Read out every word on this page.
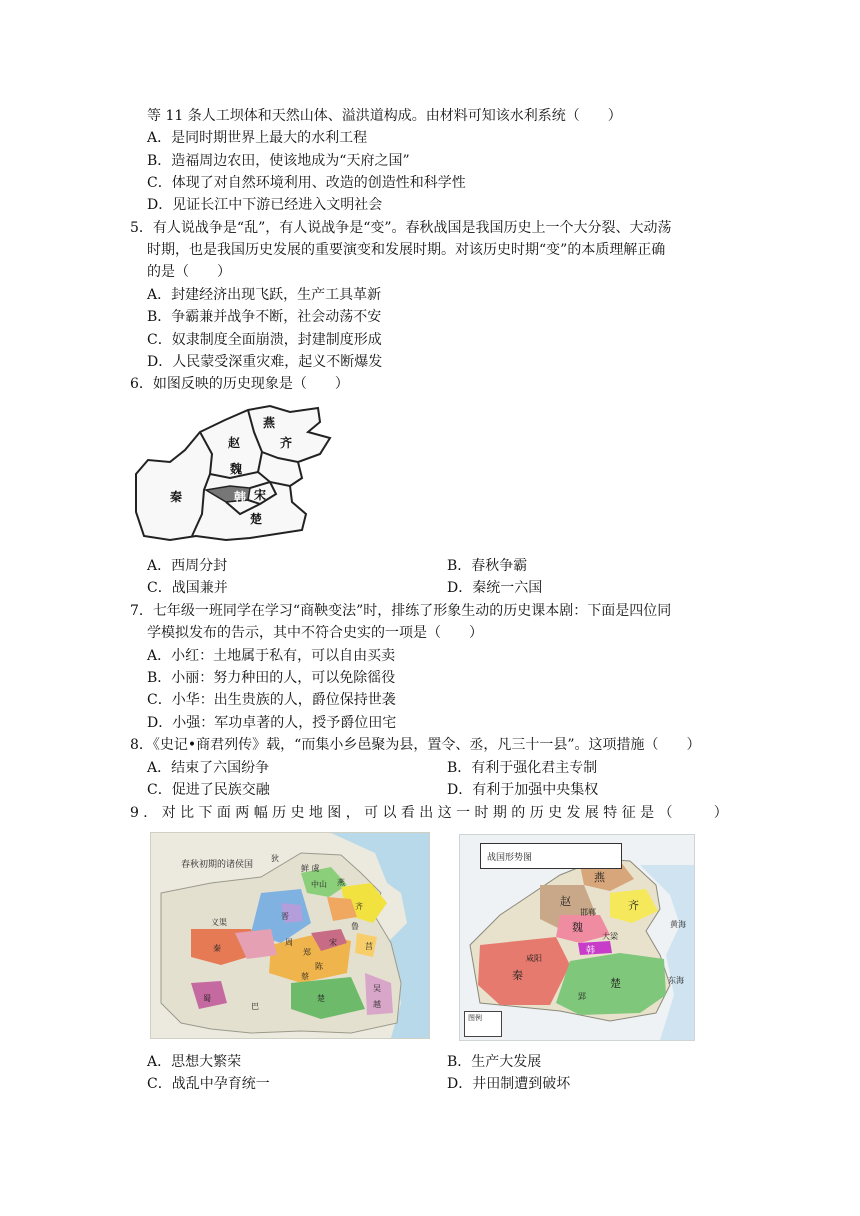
等 11 条人工坝体和天然山体、溢洪道构成。由材料可知该水利系统（　　）
A．是同时期世界上最大的水利工程
B．造福周边农田，使该地成为“天府之国”
C．体现了对自然环境利用、改造的创造性和科学性
D．见证长江中下游已经进入文明社会
5．有人说战争是“乱”，有人说战争是“变”。春秋战国是我国历史上一个大分裂、大动荡
时期，也是我国历史发展的重要演变和发展时期。对该历史时期“变”的本质理解正确
的是（　　）
A．封建经济出现飞跃，生产工具革新
B．争霸兼并战争不断，社会动荡不安
C．奴隶制度全面崩溃，封建制度形成
D．人民蒙受深重灾难，起义不断爆发
6．如图反映的历史现象是（　　）
燕
赵	齐
魏
秦	韩 宋
楚
A．西周分封	B．春秋争霸
C．战国兼并	D．秦统一六国
7．七年级一班同学在学习“商鞅变法”时，排练了形象生动的历史课本剧：下面是四位同
学模拟发布的告示，其中不符合史实的一项是（　　）
A．小红：土地属于私有，可以自由买卖
B．小丽：努力种田的人，可以免除徭役
C．小华：出生贵族的人，爵位保持世袭
D．小强：军功卓著的人，授予爵位田宅
8．《史记•商君列传》载，“而集小乡邑聚为县，置令、丞，凡三十一县”。这项措施（　　）
A．结束了六国纷争	B．有利于强化君主专制
C．促进了民族交融	D．有利于加强中央集权
9．对比下面两幅历史地图，可以看出这一时期的历史发展特征是（　　）
春秋初期的诸侯国	鲜 虞
中山 燕
晋
齐
鲁
秦
周
郑
宋
陈
蔡
楚
吴
越
巴
蜀
义渠
狄
莒
战国形势图
燕
赵	齐
魏
韩
秦
楚
邯郸
大梁
咸阳
郢
黄海
东海
图例
A．思想大繁荣	B．生产大发展
C．战乱中孕育统一	D．井田制遭到破坏
